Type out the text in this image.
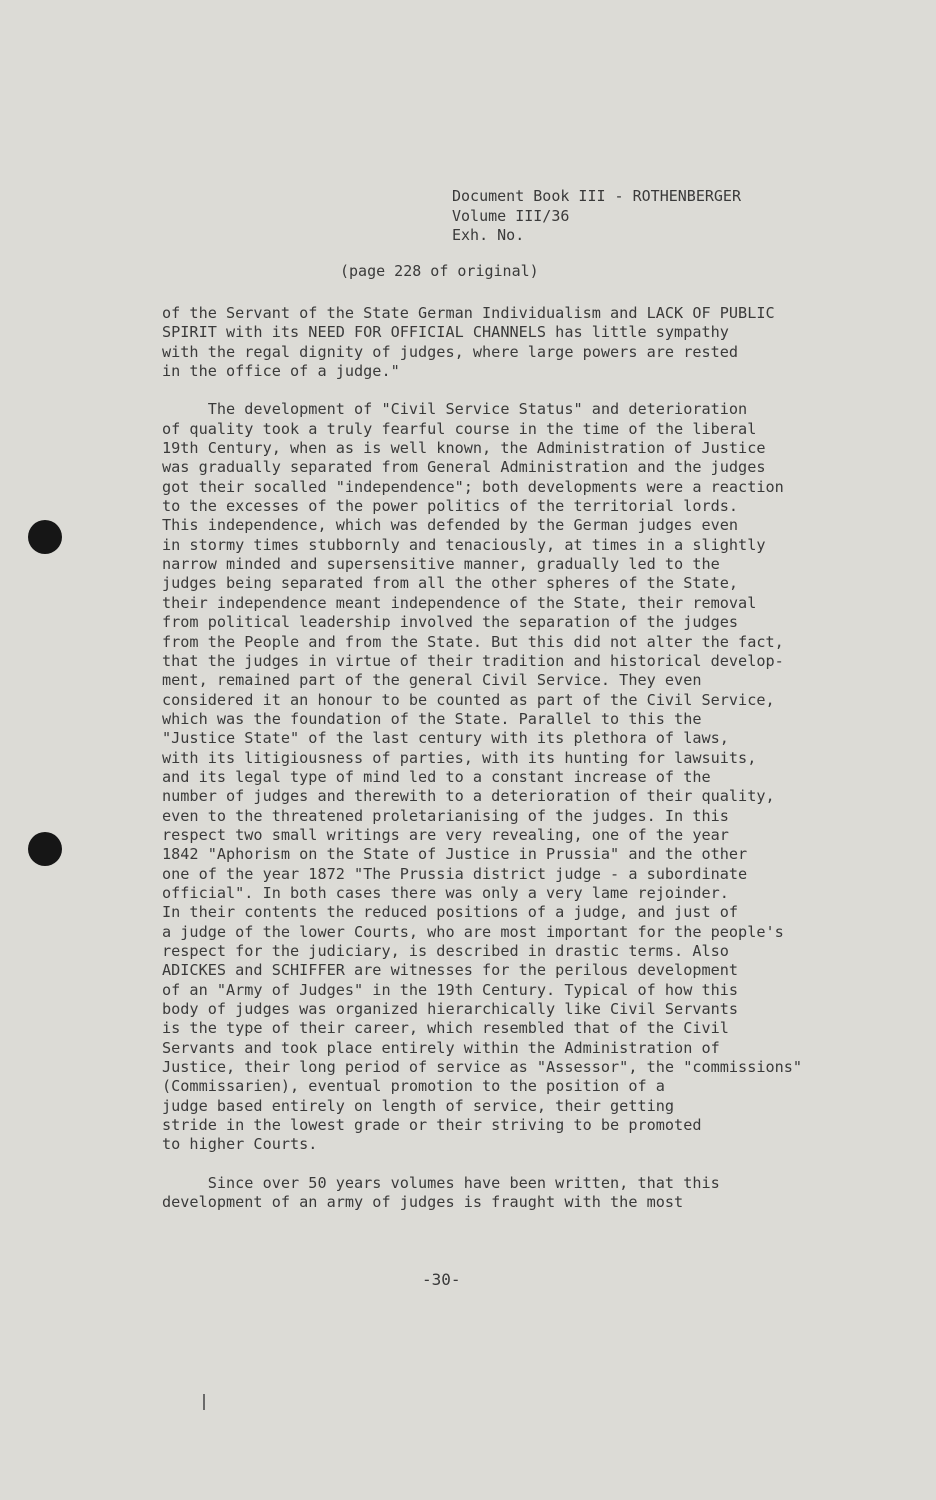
Document Book III - ROTHENBERGER
Volume III/36
Exh. No.
(page 228 of original)

of the Servant of the State German Individualism and LACK OF PUBLIC

SPIRIT with its NEED FOR OFFICIAL CHANNELS has little sympathy

with the regal dignity of judges, where large powers are rested

in the office of a judge."

The development of "Civil Service Status" and deterioration

of quality took a truly fearful course in the time of the liberal

19th Century, when as is well known, the Administration of Justice

was gradually separated from General Administration and the judges

got their socalled "independence"; both developments were a reaction

to the excesses of the power politics of the territorial lords.

This independence, which was defended by the German judges even

in stormy times stubbornly and tenaciously, at times in a slightly

narrow minded and supersensitive manner, gradually led to the

judges being separated from all the other spheres of the State,

their independence meant independence of the State, their removal

from political leadership involved the separation of the judges

from the People and from the State. But this did not alter the fact,

that the judges in virtue of their tradition and historical develop-

ment, remained part of the general Civil Service. They even

considered it an honour to be counted as part of the Civil Service,

which was the foundation of the State. Parallel to this the

"Justice State" of the last century with its plethora of laws,

with its litigiousness of parties, with its hunting for lawsuits,

and its legal type of mind led to a constant increase of the

number of judges and therewith to a deterioration of their quality,

even to the threatened proletarianising of the judges. In this

respect two small writings are very revealing, one of the year

1842 "Aphorism on the State of Justice in Prussia" and the other

one of the year 1872 "The Prussia district judge - a subordinate

official". In both cases there was only a very lame rejoinder.

In their contents the reduced positions of a judge, and just of

a judge of the lower Courts, who are most important for the people's

respect for the judiciary, is described in drastic terms. Also

ADICKES and SCHIFFER are witnesses for the perilous development

of an "Army of Judges" in the 19th Century. Typical of how this

body of judges was organized hierarchically like Civil Servants

is the type of their career, which resembled that of the Civil

Servants and took place entirely within the Administration of

Justice, their long period of service as "Assessor", the "commissions"

(Commissarien), eventual promotion to the position of a

judge based entirely on length of service, their getting

stride in the lowest grade or their striving to be promoted

to higher Courts.

Since over 50 years volumes have been written, that this

development of an army of judges is fraught with the most

-30-
